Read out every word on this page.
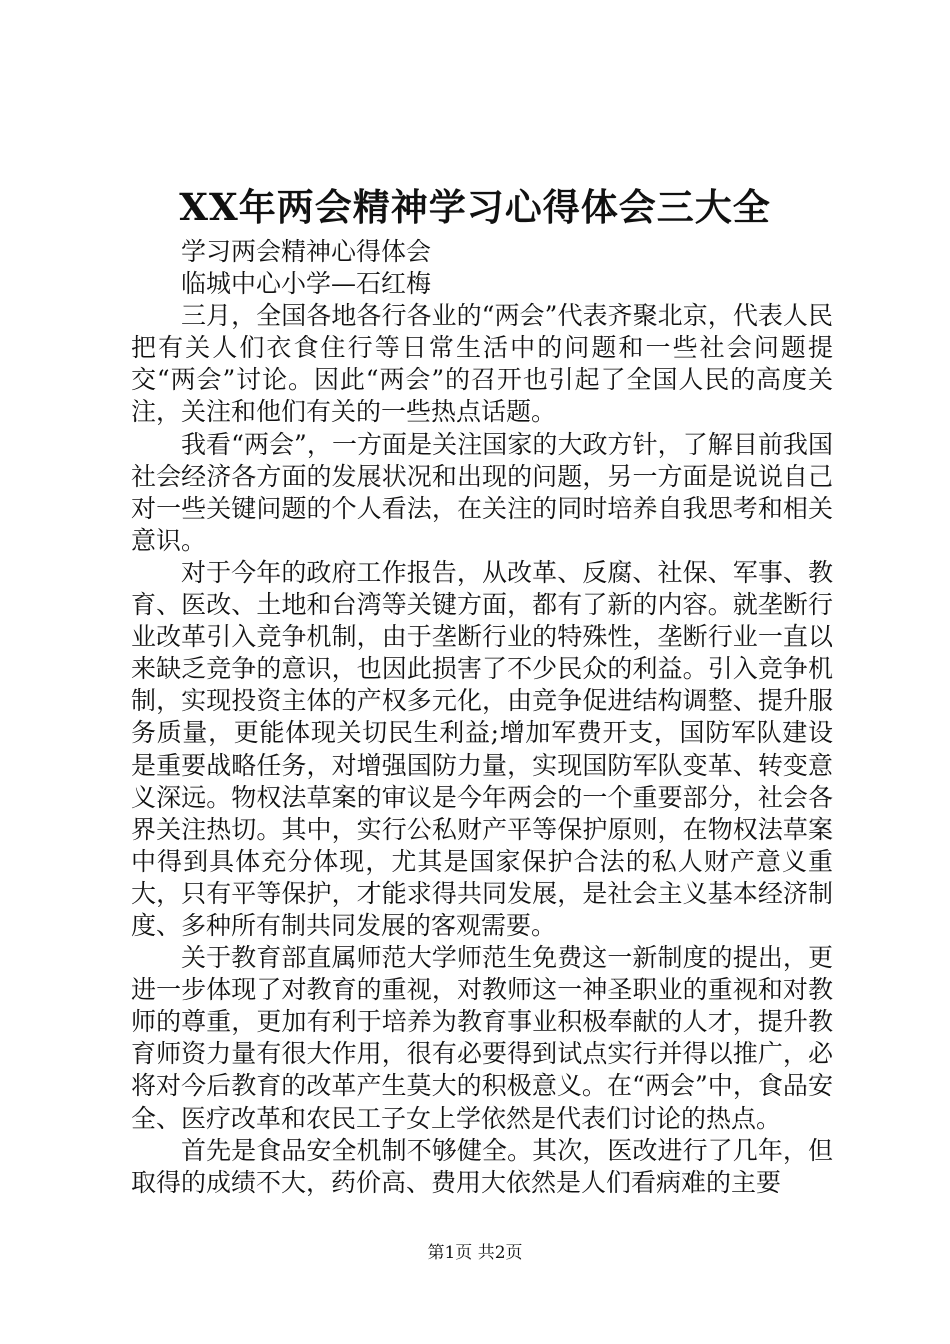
XX年两会精神学习心得体会三大全

学习两会精神心得体会

临城中心小学—石红梅

三月，全国各地各行各业的“两会”代表齐聚北京，代表人民把有关人们衣食住行等日常生活中的问题和一些社会问题提交“两会”讨论。因此“两会”的召开也引起了全国人民的高度关注，关注和他们有关的一些热点话题。

我看“两会”，一方面是关注国家的大政方针，了解目前我国社会经济各方面的发展状况和出现的问题，另一方面是说说自己对一些关键问题的个人看法，在关注的同时培养自我思考和相关意识。

对于今年的政府工作报告，从改革、反腐、社保、军事、教育、医改、土地和台湾等关键方面，都有了新的内容。就垄断行业改革引入竞争机制，由于垄断行业的特殊性，垄断行业一直以来缺乏竞争的意识，也因此损害了不少民众的利益。引入竞争机制，实现投资主体的产权多元化，由竞争促进结构调整、提升服务质量，更能体现关切民生利益;增加军费开支，国防军队建设是重要战略任务，对增强国防力量，实现国防军队变革、转变意义深远。物权法草案的审议是今年两会的一个重要部分，社会各界关注热切。其中，实行公私财产平等保护原则，在物权法草案中得到具体充分体现，尤其是国家保护合法的私人财产意义重大，只有平等保护，才能求得共同发展，是社会主义基本经济制度、多种所有制共同发展的客观需要。

关于教育部直属师范大学师范生免费这一新制度的提出，更进一步体现了对教育的重视，对教师这一神圣职业的重视和对教师的尊重，更加有利于培养为教育事业积极奉献的人才，提升教育师资力量有很大作用，很有必要得到试点实行并得以推广，必将对今后教育的改革产生莫大的积极意义。在“两会”中，食品安全、医疗改革和农民工子女上学依然是代表们讨论的热点。

首先是食品安全机制不够健全。其次，医改进行了几年，但取得的成绩不大，药价高、费用大依然是人们看病难的主要

第1页 共2页
